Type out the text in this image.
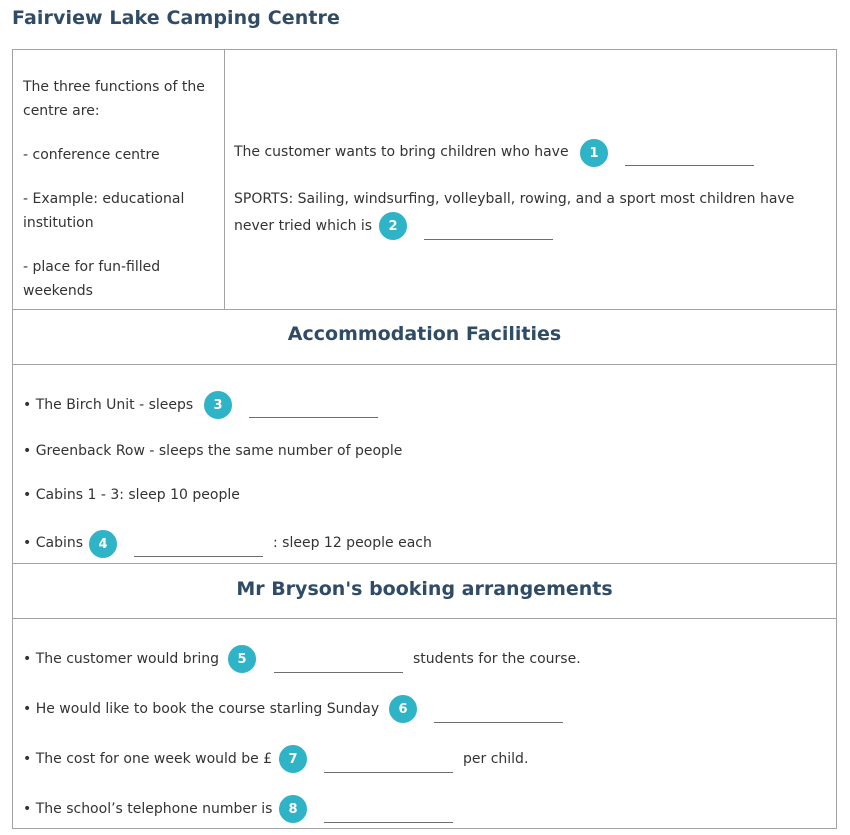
Fairview Lake Camping Centre
The three functions of the
centre are:
- conference centre
- Example: educational
institution
- place for fun-filled
weekends
The customer wants to bring children who have	1
SPORTS: Sailing, windsurfing, volleyball, rowing, and a sport most children have
never tried which is	2
Accommodation Facilities
• The Birch Unit - sleeps	3
• Greenback Row - sleeps the same number of people
• Cabins 1 - 3: sleep 10 people
• Cabins	4	: sleep 12 people each
Mr Bryson's booking arrangements
• The customer would bring	5	students for the course.
• He would like to book the course starling Sunday	6
• The cost for one week would be £	7	per child.
• The school’s telephone number is	8
